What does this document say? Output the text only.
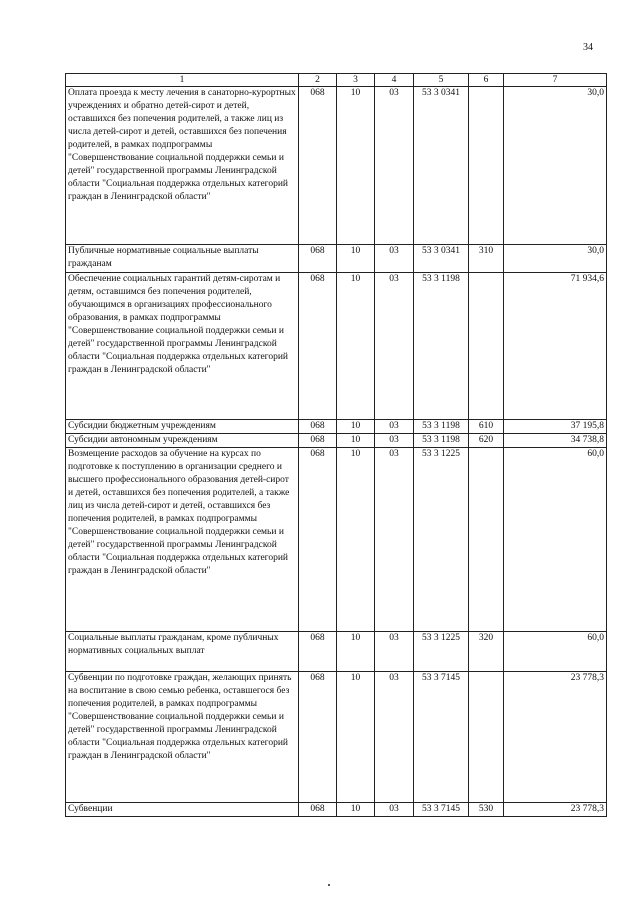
34
1	2	3	4	5	6	7
Оплата проезда к месту лечения в санаторно-курортных учреждениях и обратно детей-сирот и детей, оставшихся без попечения родителей, а также лиц из числа детей-сирот и детей, оставшихся без попечения родителей, в рамках подпрограммы "Совершенствование социальной поддержки семьи и детей" государственной программы Ленинградской области "Социальная поддержка отдельных категорий граждан в Ленинградской области"	068	10	03	53 3 0341		30,0
Публичные нормативные социальные выплаты гражданам	068	10	03	53 3 0341	310	30,0
Обеспечение социальных гарантий детям-сиротам и детям, оставшимся без попечения родителей, обучающимся в организациях профессионального образования, в рамках подпрограммы "Совершенствование социальной поддержки семьи и детей" государственной программы Ленинградской области "Социальная поддержка отдельных категорий граждан в Ленинградской области"	068	10	03	53 3 1198		71 934,6
Субсидии бюджетным учреждениям	068	10	03	53 3 1198	610	37 195,8
Субсидии автономным учреждениям	068	10	03	53 3 1198	620	34 738,8
Возмещение расходов за обучение на курсах по подготовке к поступлению в организации среднего и высшего профессионального образования детей-сирот и детей, оставшихся без попечения родителей, а также лиц из числа детей-сирот и детей, оставшихся без попечения родителей, в рамках подпрограммы "Совершенствование социальной поддержки семьи и детей" государственной программы Ленинградской области "Социальная поддержка отдельных категорий граждан в Ленинградской области"	068	10	03	53 3 1225		60,0
Социальные выплаты гражданам, кроме публичных нормативных социальных выплат	068	10	03	53 3 1225	320	60,0
Субвенции по подготовке граждан, желающих принять на воспитание в свою семью ребенка, оставшегося без попечения родителей, в рамках подпрограммы "Совершенствование социальной поддержки семьи и детей" государственной программы Ленинградской области "Социальная поддержка отдельных категорий граждан в Ленинградской области"	068	10	03	53 3 7145		23 778,3
Субвенции	068	10	03	53 3 7145	530	23 778,3
